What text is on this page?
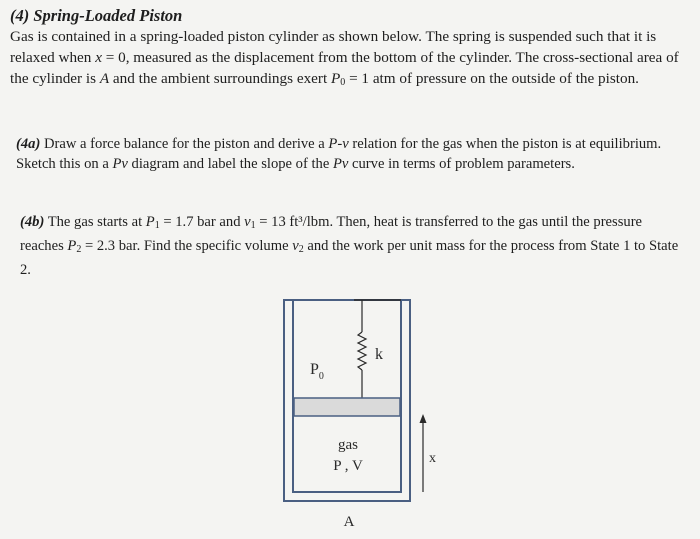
(4) Spring-Loaded Piston
Gas is contained in a spring-loaded piston cylinder as shown below. The spring is suspended such that it is relaxed when x = 0, measured as the displacement from the bottom of the cylinder. The cross-sectional area of the cylinder is A and the ambient surroundings exert $P_0 = 1$ atm of pressure on the outside of the piston.
(4a) Draw a force balance for the piston and derive a P-v relation for the gas when the piston is at equilibrium. Sketch this on a Pv diagram and label the slope of the Pv curve in terms of problem parameters.
(4b) The gas starts at $P_1 = 1.7$ bar and $v_1 = 13$ ft³/lbm. Then, heat is transferred to the gas until the pressure reaches $P_2 = 2.3$ bar. Find the specific volume $v_2$ and the work per unit mass for the process from State 1 to State 2.
k
$P_0$
gas
P , V
A
x
